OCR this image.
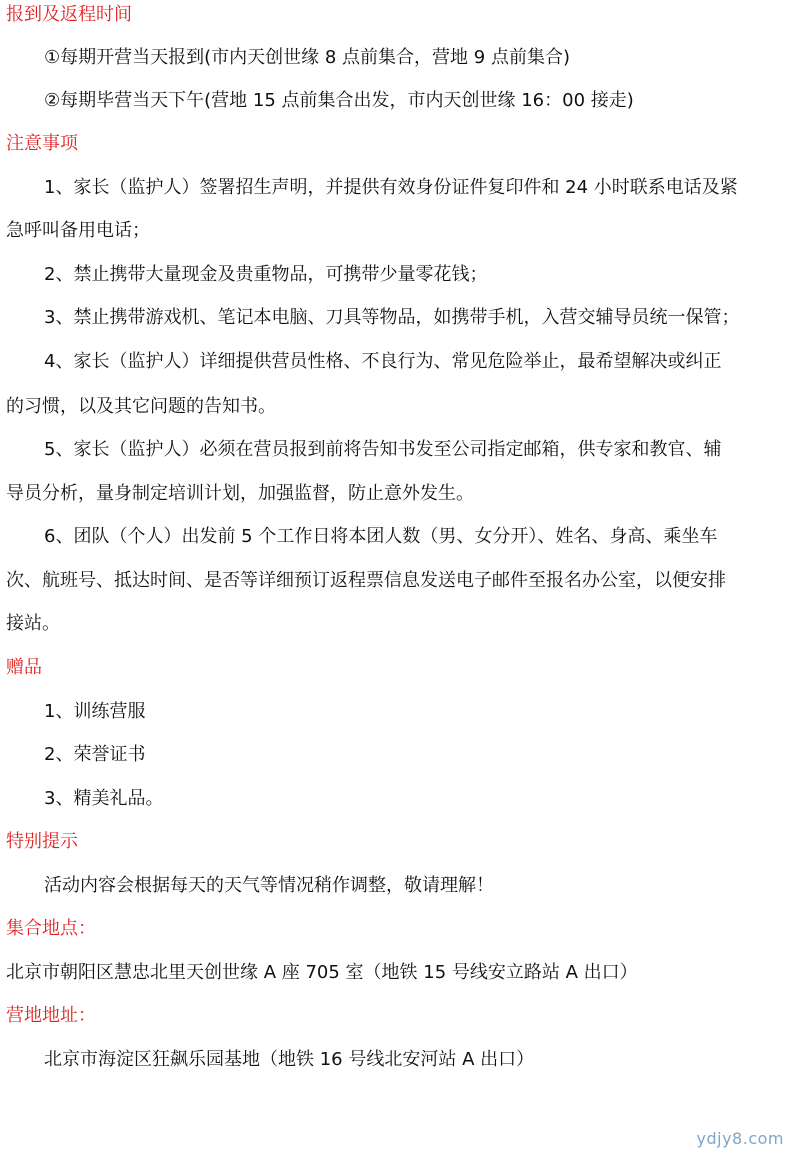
报到及返程时间
①每期开营当天报到(市内天创世缘 8 点前集合，营地 9 点前集合)
②每期毕营当天下午(营地 15 点前集合出发，市内天创世缘 16：00 接走)
注意事项
1、家长（监护人）签署招生声明，并提供有效身份证件复印件和 24 小时联系电话及紧
急呼叫备用电话；
2、禁止携带大量现金及贵重物品，可携带少量零花钱；
3、禁止携带游戏机、笔记本电脑、刀具等物品，如携带手机，入营交辅导员统一保管；
4、家长（监护人）详细提供营员性格、不良行为、常见危险举止，最希望解决或纠正
的习惯，以及其它问题的告知书。
5、家长（监护人）必须在营员报到前将告知书发至公司指定邮箱，供专家和教官、辅
导员分析，量身制定培训计划，加强监督，防止意外发生。
6、团队（个人）出发前 5 个工作日将本团人数（男、女分开）、姓名、身高、乘坐车
次、航班号、抵达时间、是否等详细预订返程票信息发送电子邮件至报名办公室，以便安排
接站。
赠品
1、训练营服
2、荣誉证书
3、精美礼品。
特别提示
活动内容会根据每天的天气等情况稍作调整，敬请理解！
集合地点：
北京市朝阳区慧忠北里天创世缘 A 座 705 室（地铁 15 号线安立路站 A 出口）
营地地址：
北京市海淀区狂飙乐园基地（地铁 16 号线北安河站 A 出口）
ydjy8.com
